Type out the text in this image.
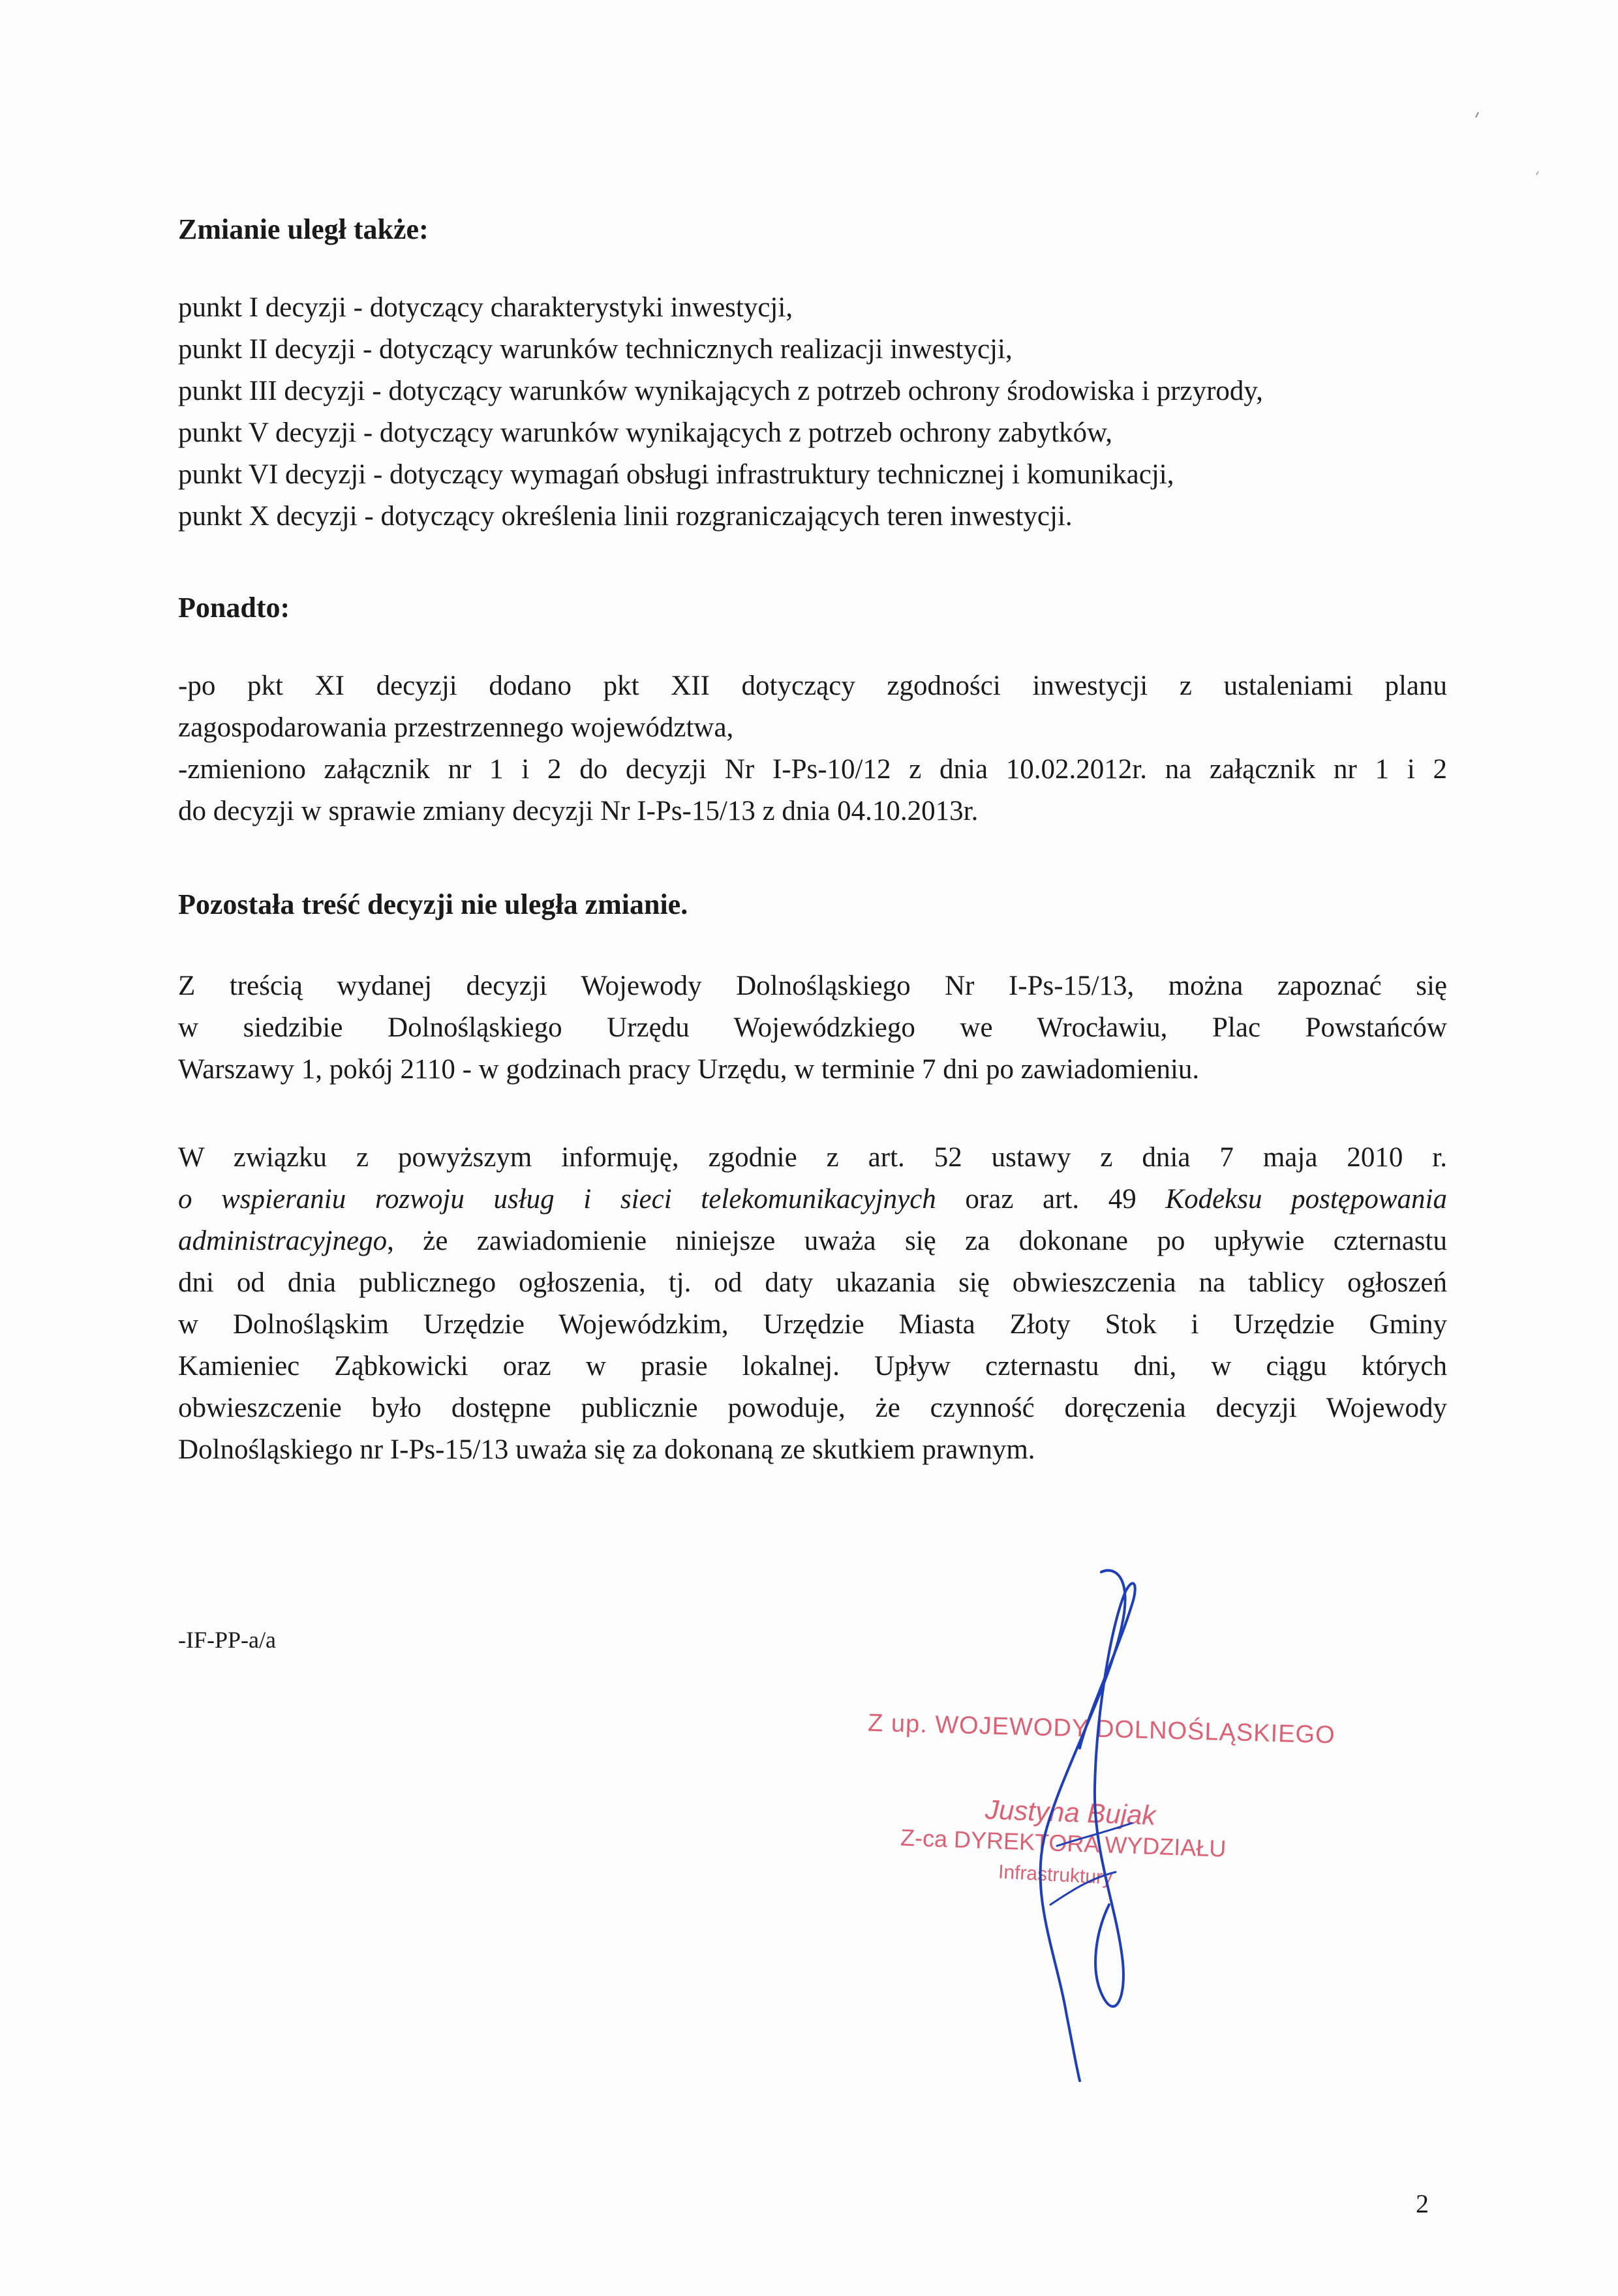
Zmianie uległ także:
punkt I decyzji - dotyczący charakterystyki inwestycji,
punkt II decyzji - dotyczący warunków technicznych realizacji inwestycji,
punkt III decyzji - dotyczący warunków wynikających z potrzeb ochrony środowiska i przyrody,
punkt V decyzji - dotyczący warunków wynikających z potrzeb ochrony zabytków,
punkt VI decyzji - dotyczący wymagań obsługi infrastruktury technicznej i komunikacji,
punkt X decyzji - dotyczący określenia linii rozgraniczających teren inwestycji.
Ponadto:
-po pkt XI decyzji dodano pkt XII dotyczący zgodności inwestycji z ustaleniami planu
zagospodarowania przestrzennego województwa,
-zmieniono załącznik nr 1 i 2 do decyzji Nr I-Ps-10/12 z dnia 10.02.2012r. na załącznik nr 1 i 2
do decyzji w sprawie zmiany decyzji Nr I-Ps-15/13 z dnia 04.10.2013r.
Pozostała treść decyzji nie uległa zmianie.
Z treścią wydanej decyzji Wojewody Dolnośląskiego Nr I-Ps-15/13, można zapoznać się
w siedzibie Dolnośląskiego Urzędu Wojewódzkiego we Wrocławiu, Plac Powstańców
Warszawy 1, pokój 2110 - w godzinach pracy Urzędu, w terminie 7 dni po zawiadomieniu.
W związku z powyższym informuję, zgodnie z art. 52 ustawy z dnia 7 maja 2010 r.
o wspieraniu rozwoju usług i sieci telekomunikacyjnych oraz art. 49 Kodeksu postępowania
administracyjnego, że zawiadomienie niniejsze uważa się za dokonane po upływie czternastu
dni od dnia publicznego ogłoszenia, tj. od daty ukazania się obwieszczenia na tablicy ogłoszeń
w Dolnośląskim Urzędzie Wojewódzkim, Urzędzie Miasta Złoty Stok i Urzędzie Gminy
Kamieniec Ząbkowicki oraz w prasie lokalnej. Upływ czternastu dni, w ciągu których
obwieszczenie było dostępne publicznie powoduje, że czynność doręczenia decyzji Wojewody
Dolnośląskiego nr I-Ps-15/13 uważa się za dokonaną ze skutkiem prawnym.
-IF-PP-a/a
Z up. WOJEWODY DOLNOŚLĄSKIEGO
Justyna Bujak
Z-ca DYREKTORA WYDZIAŁU
Infrastruktury
2
